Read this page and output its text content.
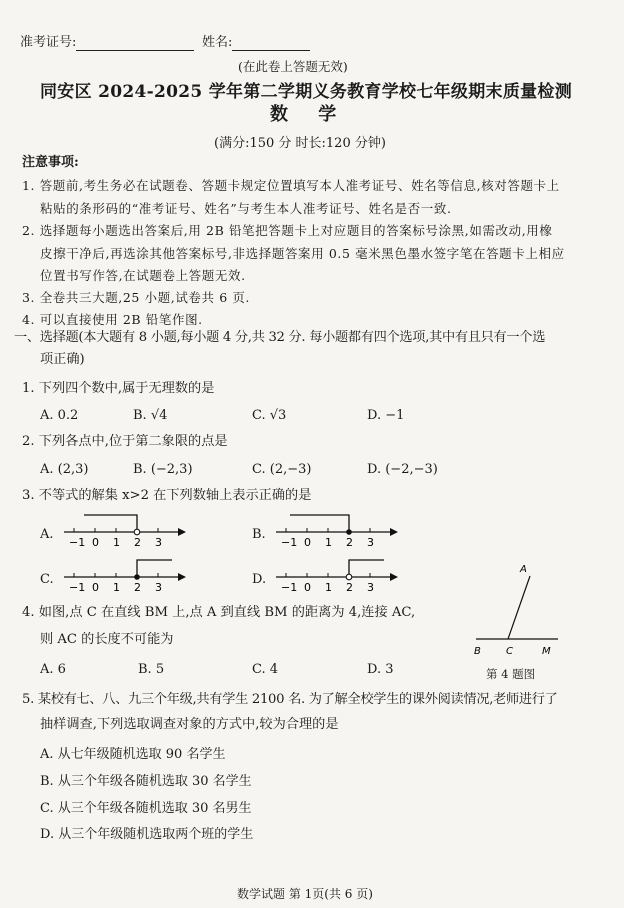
准考证号:	姓名:
(在此卷上答题无效)
同安区 2024-2025 学年第二学期义务教育学校七年级期末质量检测
数 学
(满分:150 分 时长:120 分钟)
注意事项:
1. 答题前,考生务必在试题卷、答题卡规定位置填写本人准考证号、姓名等信息,核对答题卡上
粘贴的条形码的“准考证号、姓名”与考生本人准考证号、姓名是否一致.
2. 选择题每小题选出答案后,用 2B 铅笔把答题卡上对应题目的答案标号涂黑,如需改动,用橡
皮擦干净后,再选涂其他答案标号,非选择题答案用 0.5 毫米黑色墨水签字笔在答题卡上相应
位置书写作答,在试题卷上答题无效.
3. 全卷共三大题,25 小题,试卷共 6 页.
4. 可以直接使用 2B 铅笔作图.
一、选择题(本大题有 8 小题,每小题 4 分,共 32 分. 每小题都有四个选项,其中有且只有一个选
项正确)
1. 下列四个数中,属于无理数的是
A. 0.2	B. √4	C. √3	D. −1
2. 下列各点中,位于第二象限的点是
A. (2,3)	B. (−2,3)	C. (2,−3)	D. (−2,−3)
3. 不等式的解集 x>2 在下列数轴上表示正确的是
A.	B.
C.	D.
−1 0 1 2 3	−1 0 1 2 3
−1 0 1 2 3	−1 0 1 2 3
4. 如图,点 C 在直线 BM 上,点 A 到直线 BM 的距离为 4,连接 AC,
则 AC 的长度不可能为
A. 6	B. 5	C. 4	D. 3
A
B	C	M
第 4 题图
5. 某校有七、八、九三个年级,共有学生 2100 名. 为了解全校学生的课外阅读情况,老师进行了
抽样调查,下列选取调查对象的方式中,较为合理的是
A. 从七年级随机选取 90 名学生
B. 从三个年级各随机选取 30 名学生
C. 从三个年级各随机选取 30 名男生
D. 从三个年级随机选取两个班的学生
数学试题 第 1页(共 6 页)
